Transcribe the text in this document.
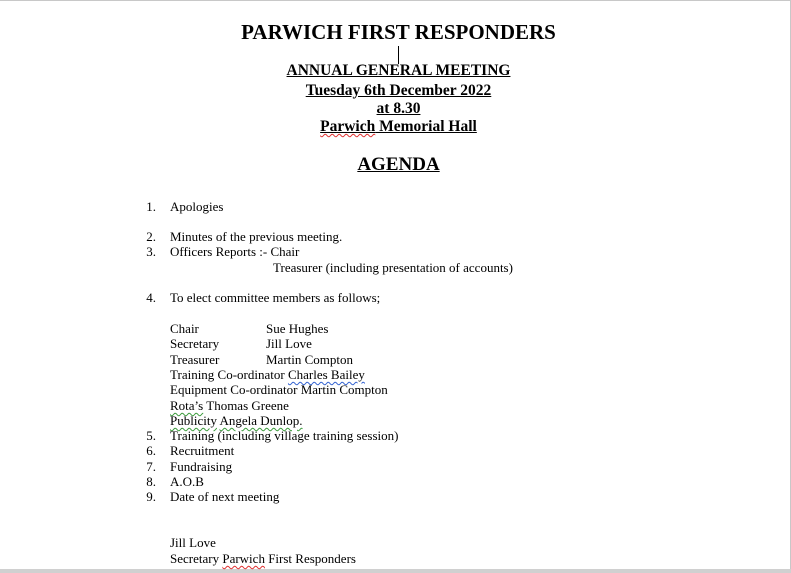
PARWICH FIRST RESPONDERS
ANNUAL GENERAL MEETING
Tuesday 6th December 2022
at 8.30
Parwich Memorial Hall
AGENDA
1. Apologies
2. Minutes of the previous meeting.
3. Officers Reports :- Chair
Treasurer (including presentation of accounts)
4. To elect committee members as follows;
Chair	Sue Hughes
Secretary	Jill Love
Treasurer	Martin Compton
Training Co-ordinator Charles Bailey
Equipment Co-ordinator Martin Compton
Rota’s Thomas Greene
Publicity Angela Dunlop.
5. Training (including village training session)
6. Recruitment
7. Fundraising
8. A.O.B
9. Date of next meeting
Jill Love
Secretary Parwich First Responders
